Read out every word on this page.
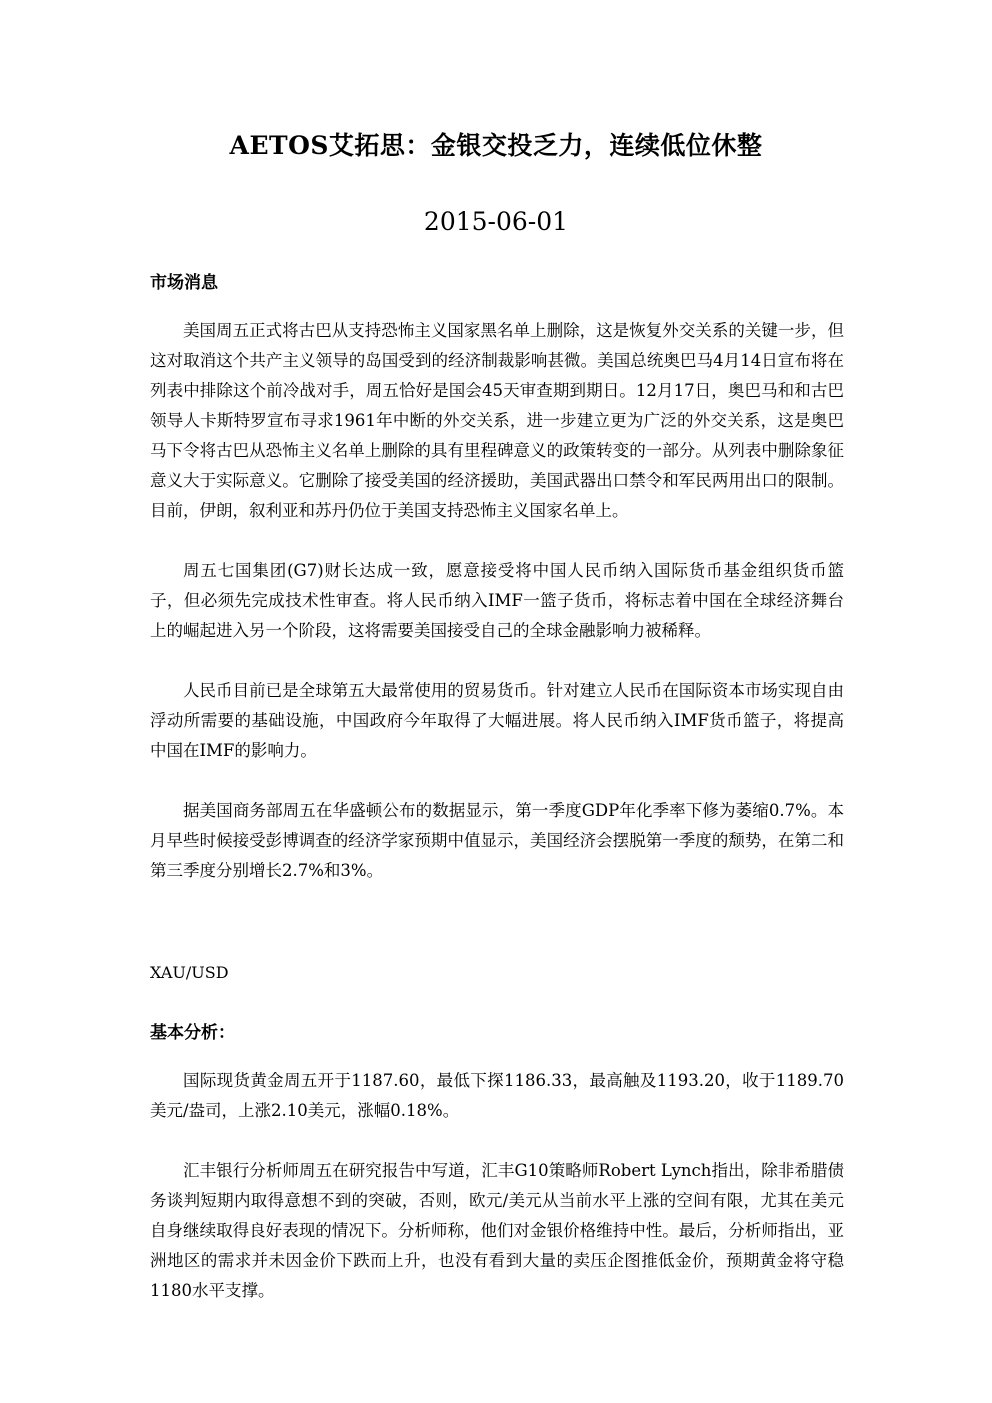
AETOS艾拓思：金银交投乏力，连续低位休整
2015-06-01

市场消息

美国周五正式将古巴从支持恐怖主义国家黑名单上删除，这是恢复外交关系的关键一步，但这对取消这个共产主义领导的岛国受到的经济制裁影响甚微。美国总统奥巴马4月14日宣布将在列表中排除这个前冷战对手，周五恰好是国会45天审查期到期日。12月17日，奥巴马和和古巴领导人卡斯特罗宣布寻求1961年中断的外交关系，进一步建立更为广泛的外交关系，这是奥巴马下令将古巴从恐怖主义名单上删除的具有里程碑意义的政策转变的一部分。从列表中删除象征意义大于实际意义。它删除了接受美国的经济援助，美国武器出口禁令和军民两用出口的限制。目前，伊朗，叙利亚和苏丹仍位于美国支持恐怖主义国家名单上。

周五七国集团(G7)财长达成一致，愿意接受将中国人民币纳入国际货币基金组织货币篮子，但必须先完成技术性审查。将人民币纳入IMF一篮子货币，将标志着中国在全球经济舞台上的崛起进入另一个阶段，这将需要美国接受自己的全球金融影响力被稀释。

人民币目前已是全球第五大最常使用的贸易货币。针对建立人民币在国际资本市场实现自由浮动所需要的基础设施，中国政府今年取得了大幅进展。将人民币纳入IMF货币篮子，将提高中国在IMF的影响力。

据美国商务部周五在华盛顿公布的数据显示，第一季度GDP年化季率下修为萎缩0.7%。本月早些时候接受彭博调查的经济学家预期中值显示，美国经济会摆脱第一季度的颓势，在第二和第三季度分别增长2.7%和3%。

XAU/USD

基本分析：

国际现货黄金周五开于1187.60，最低下探1186.33，最高触及1193.20，收于1189.70美元/盎司，上涨2.10美元，涨幅0.18%。

汇丰银行分析师周五在研究报告中写道，汇丰G10策略师Robert Lynch指出，除非希腊债务谈判短期内取得意想不到的突破，否则，欧元/美元从当前水平上涨的空间有限，尤其在美元自身继续取得良好表现的情况下。分析师称，他们对金银价格维持中性。最后，分析师指出，亚洲地区的需求并未因金价下跌而上升，也没有看到大量的卖压企图推低金价，预期黄金将守稳1180水平支撑。
